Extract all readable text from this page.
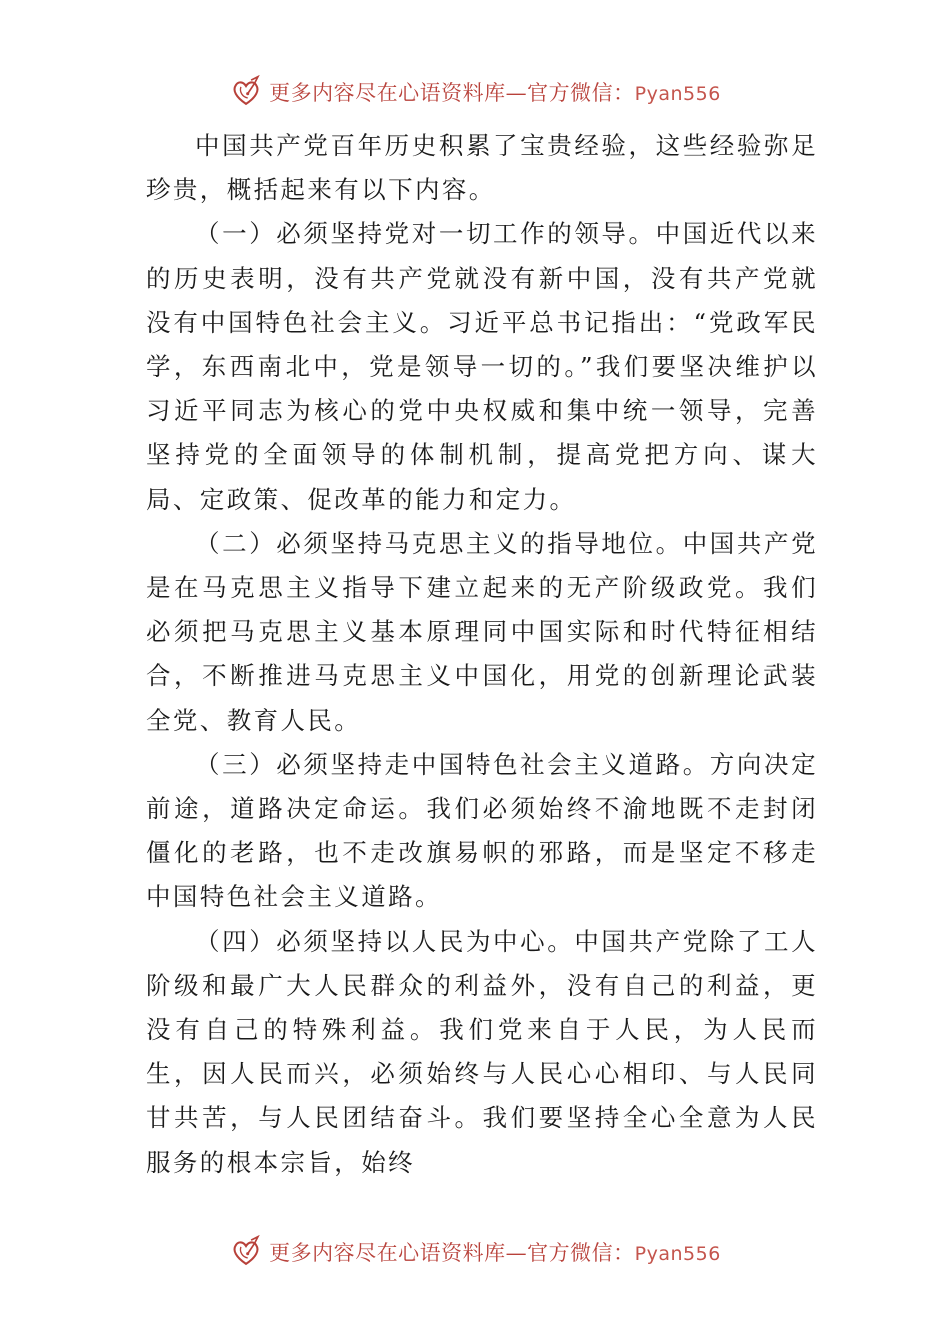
更多内容尽在心语资料库—官方微信：Pyan556

中国共产党百年历史积累了宝贵经验，这些经验弥足珍贵，概括起来有以下内容。

（一）必须坚持党对一切工作的领导。中国近代以来的历史表明，没有共产党就没有新中国，没有共产党就没有中国特色社会主义。习近平总书记指出：“党政军民学，东西南北中，党是领导一切的。”我们要坚决维护以习近平同志为核心的党中央权威和集中统一领导，完善坚持党的全面领导的体制机制，提高党把方向、谋大局、定政策、促改革的能力和定力。

（二）必须坚持马克思主义的指导地位。中国共产党是在马克思主义指导下建立起来的无产阶级政党。我们必须把马克思主义基本原理同中国实际和时代特征相结合，不断推进马克思主义中国化，用党的创新理论武装全党、教育人民。

（三）必须坚持走中国特色社会主义道路。方向决定前途，道路决定命运。我们必须始终不渝地既不走封闭僵化的老路，也不走改旗易帜的邪路，而是坚定不移走中国特色社会主义道路。

（四）必须坚持以人民为中心。中国共产党除了工人阶级和最广大人民群众的利益外，没有自己的利益，更没有自己的特殊利益。我们党来自于人民，为人民而生，因人民而兴，必须始终与人民心心相印、与人民同甘共苦，与人民团结奋斗。我们要坚持全心全意为人民服务的根本宗旨，始终

更多内容尽在心语资料库—官方微信：Pyan556
